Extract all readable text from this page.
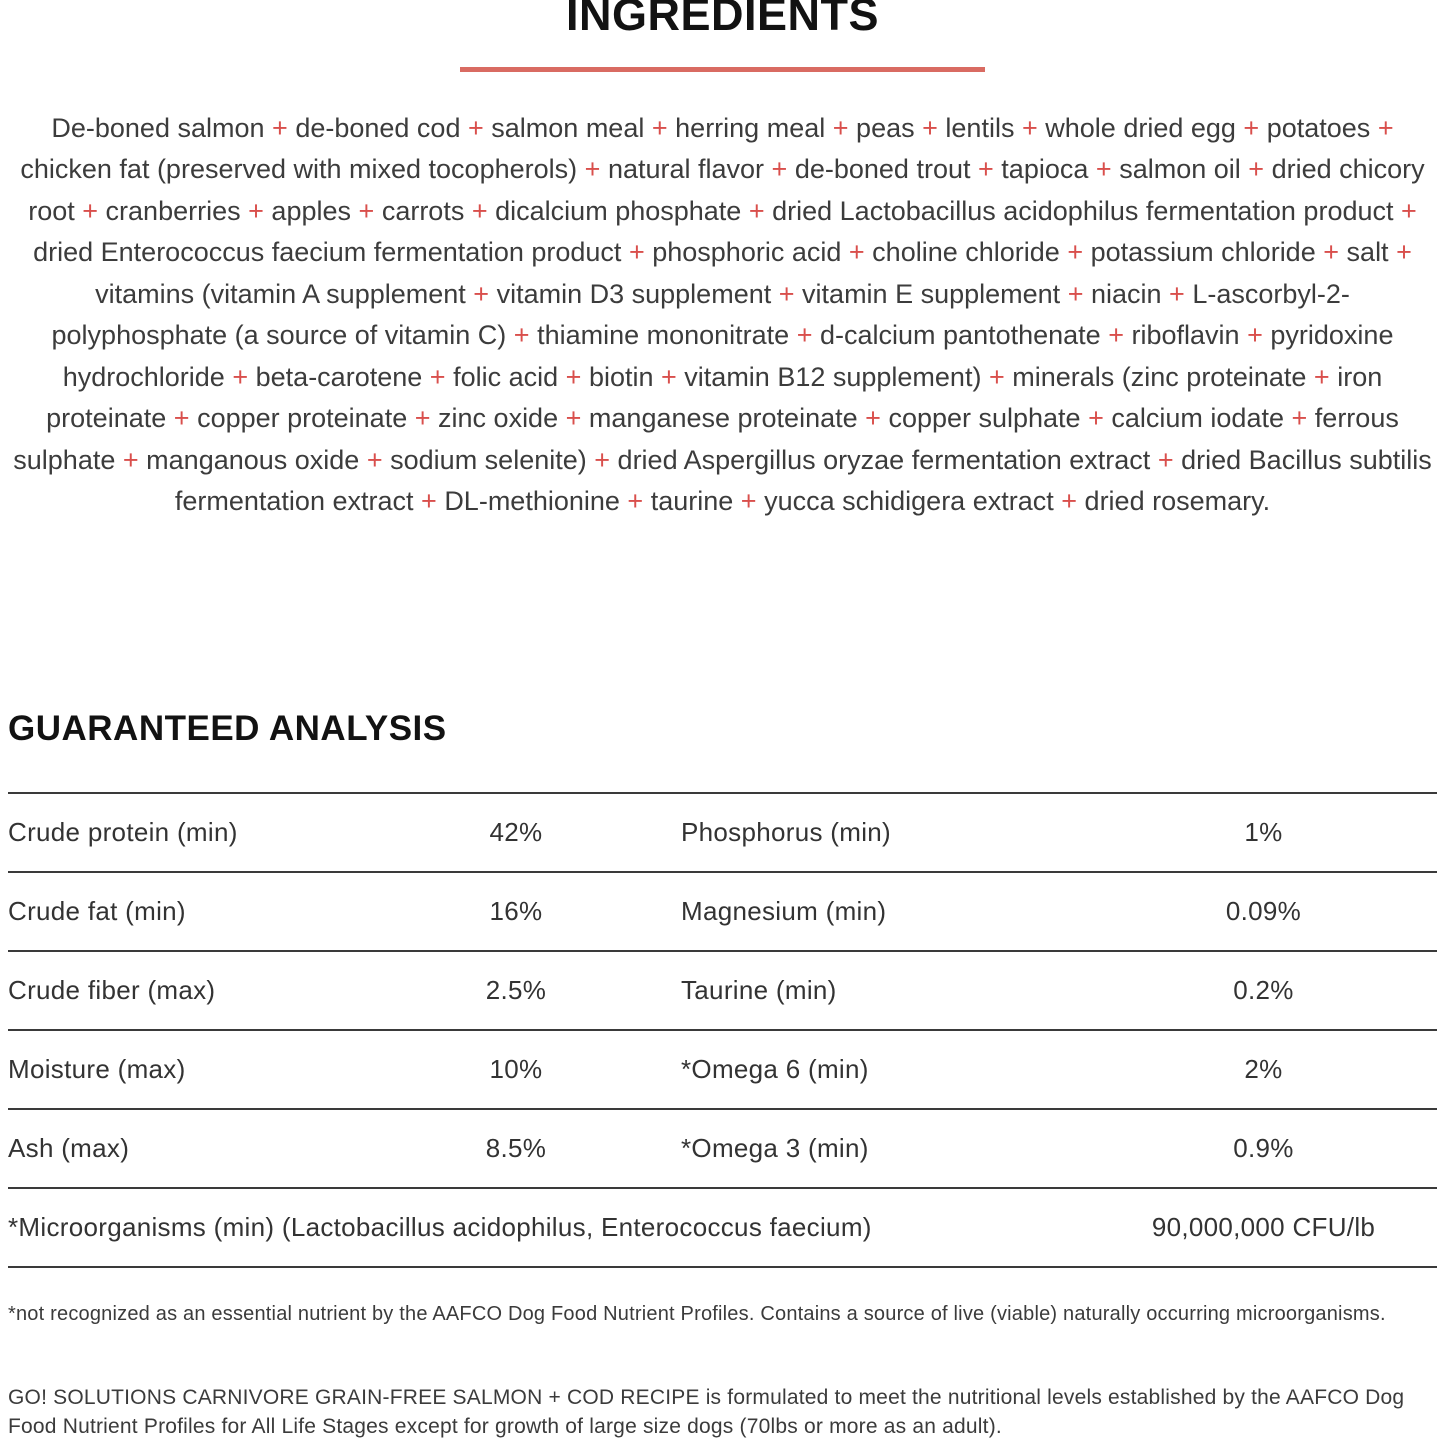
INGREDIENTS

De-boned salmon + de-boned cod + salmon meal + herring meal + peas + lentils + whole dried egg + potatoes + chicken fat (preserved with mixed tocopherols) + natural flavor + de-boned trout + tapioca + salmon oil + dried chicory root + cranberries + apples + carrots + dicalcium phosphate + dried Lactobacillus acidophilus fermentation product + dried Enterococcus faecium fermentation product + phosphoric acid + choline chloride + potassium chloride + salt + vitamins (vitamin A supplement + vitamin D3 supplement + vitamin E supplement + niacin + L-ascorbyl-2-polyphosphate (a source of vitamin C) + thiamine mononitrate + d-calcium pantothenate + riboflavin + pyridoxine hydrochloride + beta-carotene + folic acid + biotin + vitamin B12 supplement) + minerals (zinc proteinate + iron proteinate + copper proteinate + zinc oxide + manganese proteinate + copper sulphate + calcium iodate + ferrous sulphate + manganous oxide + sodium selenite) + dried Aspergillus oryzae fermentation extract + dried Bacillus subtilis fermentation extract + DL-methionine + taurine + yucca schidigera extract + dried rosemary.

GUARANTEED ANALYSIS
Crude protein (min)	42%	Phosphorus (min)	1%
Crude fat (min)	16%	Magnesium (min)	0.09%
Crude fiber (max)	2.5%	Taurine (min)	0.2%
Moisture (max)	10%	*Omega 6 (min)	2%
Ash (max)	8.5%	*Omega 3 (min)	0.9%
*Microorganisms (min) (Lactobacillus acidophilus, Enterococcus faecium)	90,000,000 CFU/lb

*not recognized as an essential nutrient by the AAFCO Dog Food Nutrient Profiles. Contains a source of live (viable) naturally occurring microorganisms.

GO! SOLUTIONS CARNIVORE GRAIN-FREE SALMON + COD RECIPE is formulated to meet the nutritional levels established by the AAFCO Dog Food Nutrient Profiles for All Life Stages except for growth of large size dogs (70lbs or more as an adult).
